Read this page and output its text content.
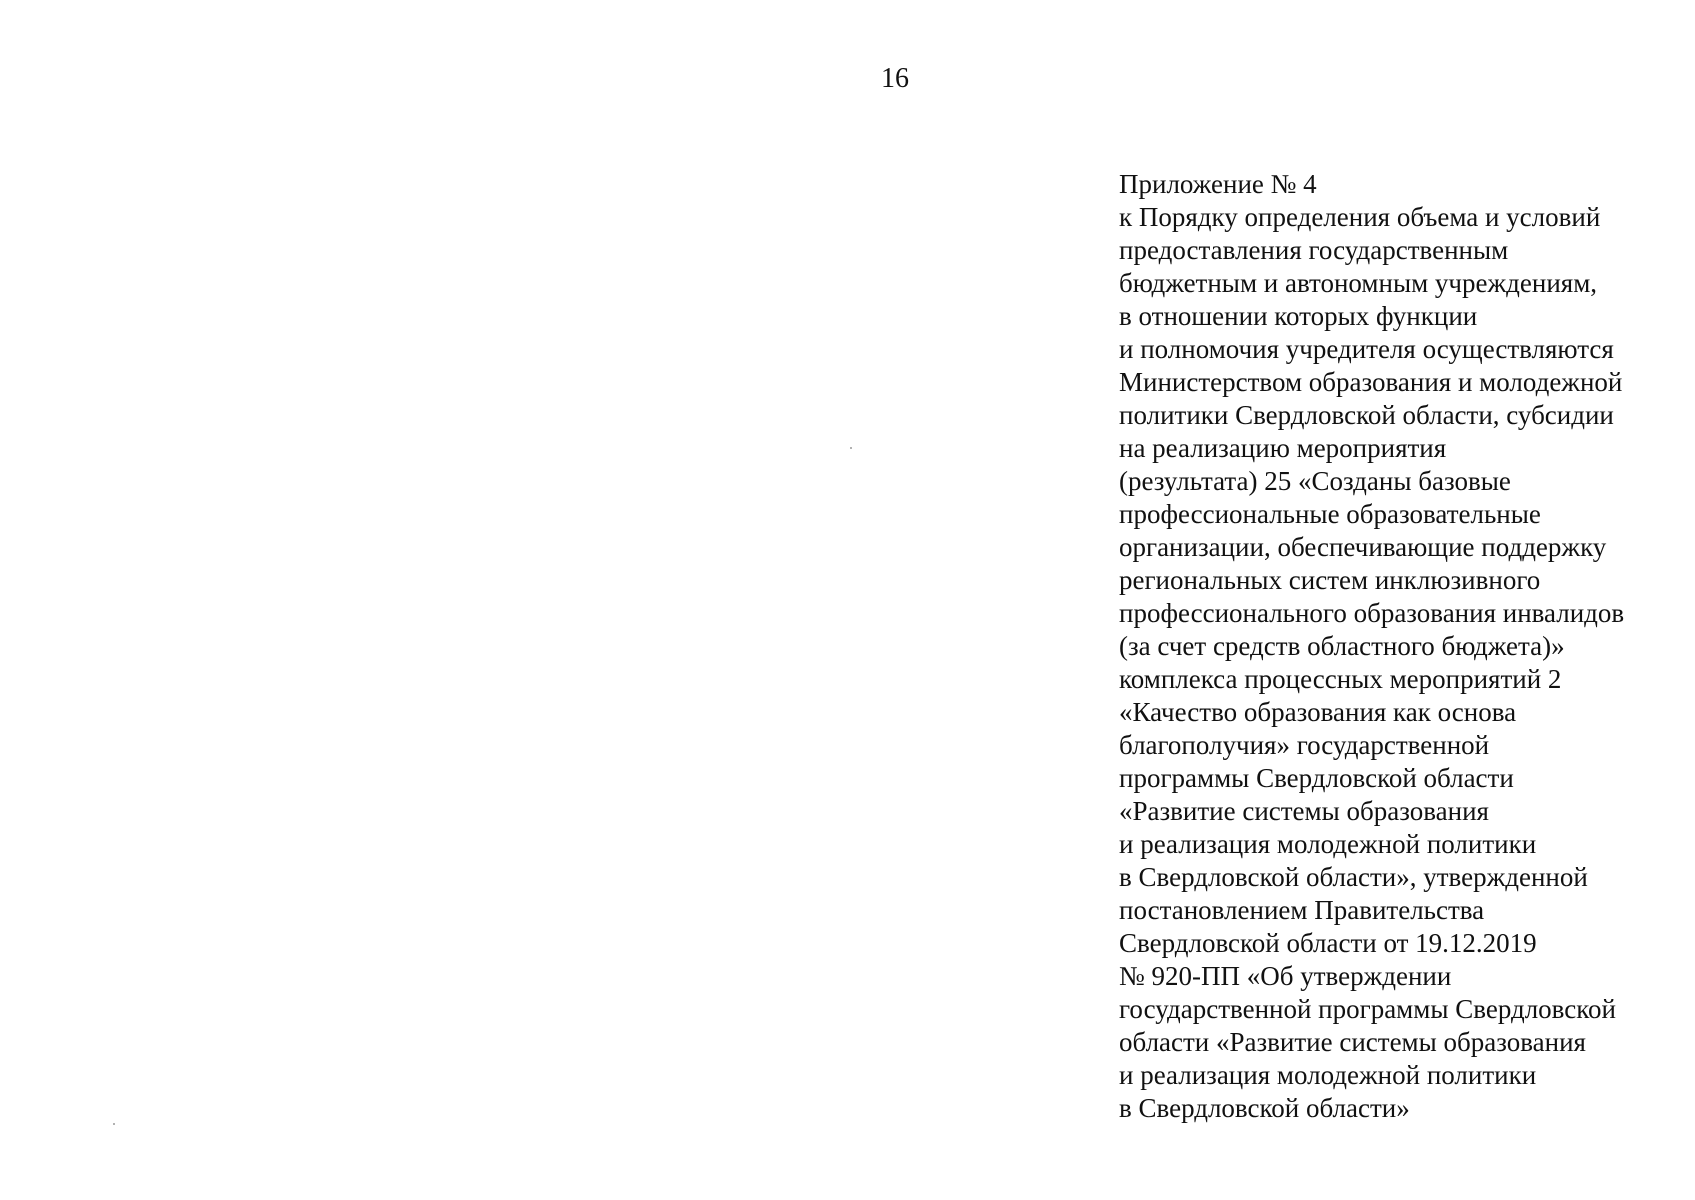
16
Приложение № 4
к Порядку определения объема и условий
предоставления государственным
бюджетным и автономным учреждениям,
в отношении которых функции
и полномочия учредителя осуществляются
Министерством образования и молодежной
политики Свердловской области, субсидии
на реализацию мероприятия
(результата) 25 «Созданы базовые
профессиональные образовательные
организации, обеспечивающие поддержку
региональных систем инклюзивного
профессионального образования инвалидов
(за счет средств областного бюджета)»
комплекса процессных мероприятий 2
«Качество образования как основа
благополучия» государственной
программы Свердловской области
«Развитие системы образования
и реализация молодежной политики
в Свердловской области», утвержденной
постановлением Правительства
Свердловской области от 19.12.2019
№ 920-ПП «Об утверждении
государственной программы Свердловской
области «Развитие системы образования
и реализация молодежной политики
в Свердловской области»
